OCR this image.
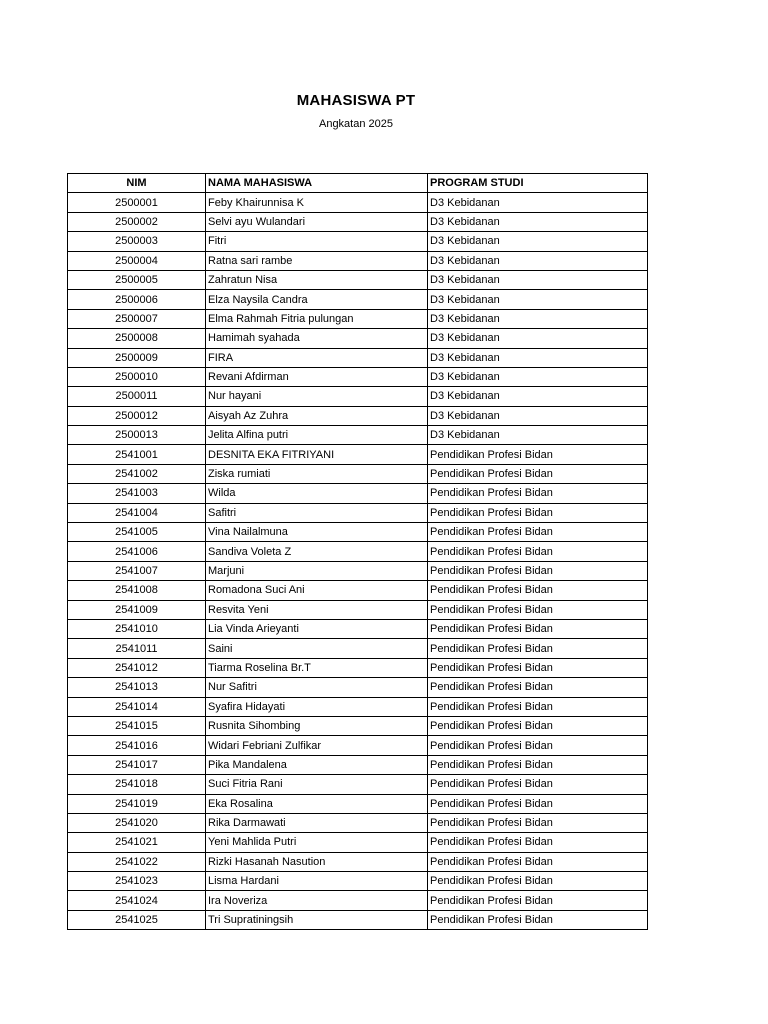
MAHASISWA PT
Angkatan 2025
NIM	NAMA MAHASISWA	PROGRAM STUDI
2500001	Feby Khairunnisa K	D3 Kebidanan
2500002	Selvi ayu Wulandari	D3 Kebidanan
2500003	Fitri	D3 Kebidanan
2500004	Ratna sari rambe	D3 Kebidanan
2500005	Zahratun Nisa	D3 Kebidanan
2500006	Elza Naysila Candra	D3 Kebidanan
2500007	Elma Rahmah Fitria pulungan	D3 Kebidanan
2500008	Hamimah syahada	D3 Kebidanan
2500009	FIRA	D3 Kebidanan
2500010	Revani Afdirman	D3 Kebidanan
2500011	Nur hayani	D3 Kebidanan
2500012	Aisyah Az Zuhra	D3 Kebidanan
2500013	Jelita Alfina putri	D3 Kebidanan
2541001	DESNITA EKA FITRIYANI	Pendidikan Profesi Bidan
2541002	Ziska rumiati	Pendidikan Profesi Bidan
2541003	Wilda	Pendidikan Profesi Bidan
2541004	Safitri	Pendidikan Profesi Bidan
2541005	Vina Nailalmuna	Pendidikan Profesi Bidan
2541006	Sandiva Voleta Z	Pendidikan Profesi Bidan
2541007	Marjuni	Pendidikan Profesi Bidan
2541008	Romadona Suci Ani	Pendidikan Profesi Bidan
2541009	Resvita Yeni	Pendidikan Profesi Bidan
2541010	Lia Vinda Arieyanti	Pendidikan Profesi Bidan
2541011	Saini	Pendidikan Profesi Bidan
2541012	Tiarma Roselina Br.T	Pendidikan Profesi Bidan
2541013	Nur Safitri	Pendidikan Profesi Bidan
2541014	Syafira Hidayati	Pendidikan Profesi Bidan
2541015	Rusnita Sihombing	Pendidikan Profesi Bidan
2541016	Widari Febriani Zulfikar	Pendidikan Profesi Bidan
2541017	Pika Mandalena	Pendidikan Profesi Bidan
2541018	Suci Fitria Rani	Pendidikan Profesi Bidan
2541019	Eka Rosalina	Pendidikan Profesi Bidan
2541020	Rika Darmawati	Pendidikan Profesi Bidan
2541021	Yeni Mahlida Putri	Pendidikan Profesi Bidan
2541022	Rizki Hasanah Nasution	Pendidikan Profesi Bidan
2541023	Lisma Hardani	Pendidikan Profesi Bidan
2541024	Ira Noveriza	Pendidikan Profesi Bidan
2541025	Tri Supratiningsih	Pendidikan Profesi Bidan
